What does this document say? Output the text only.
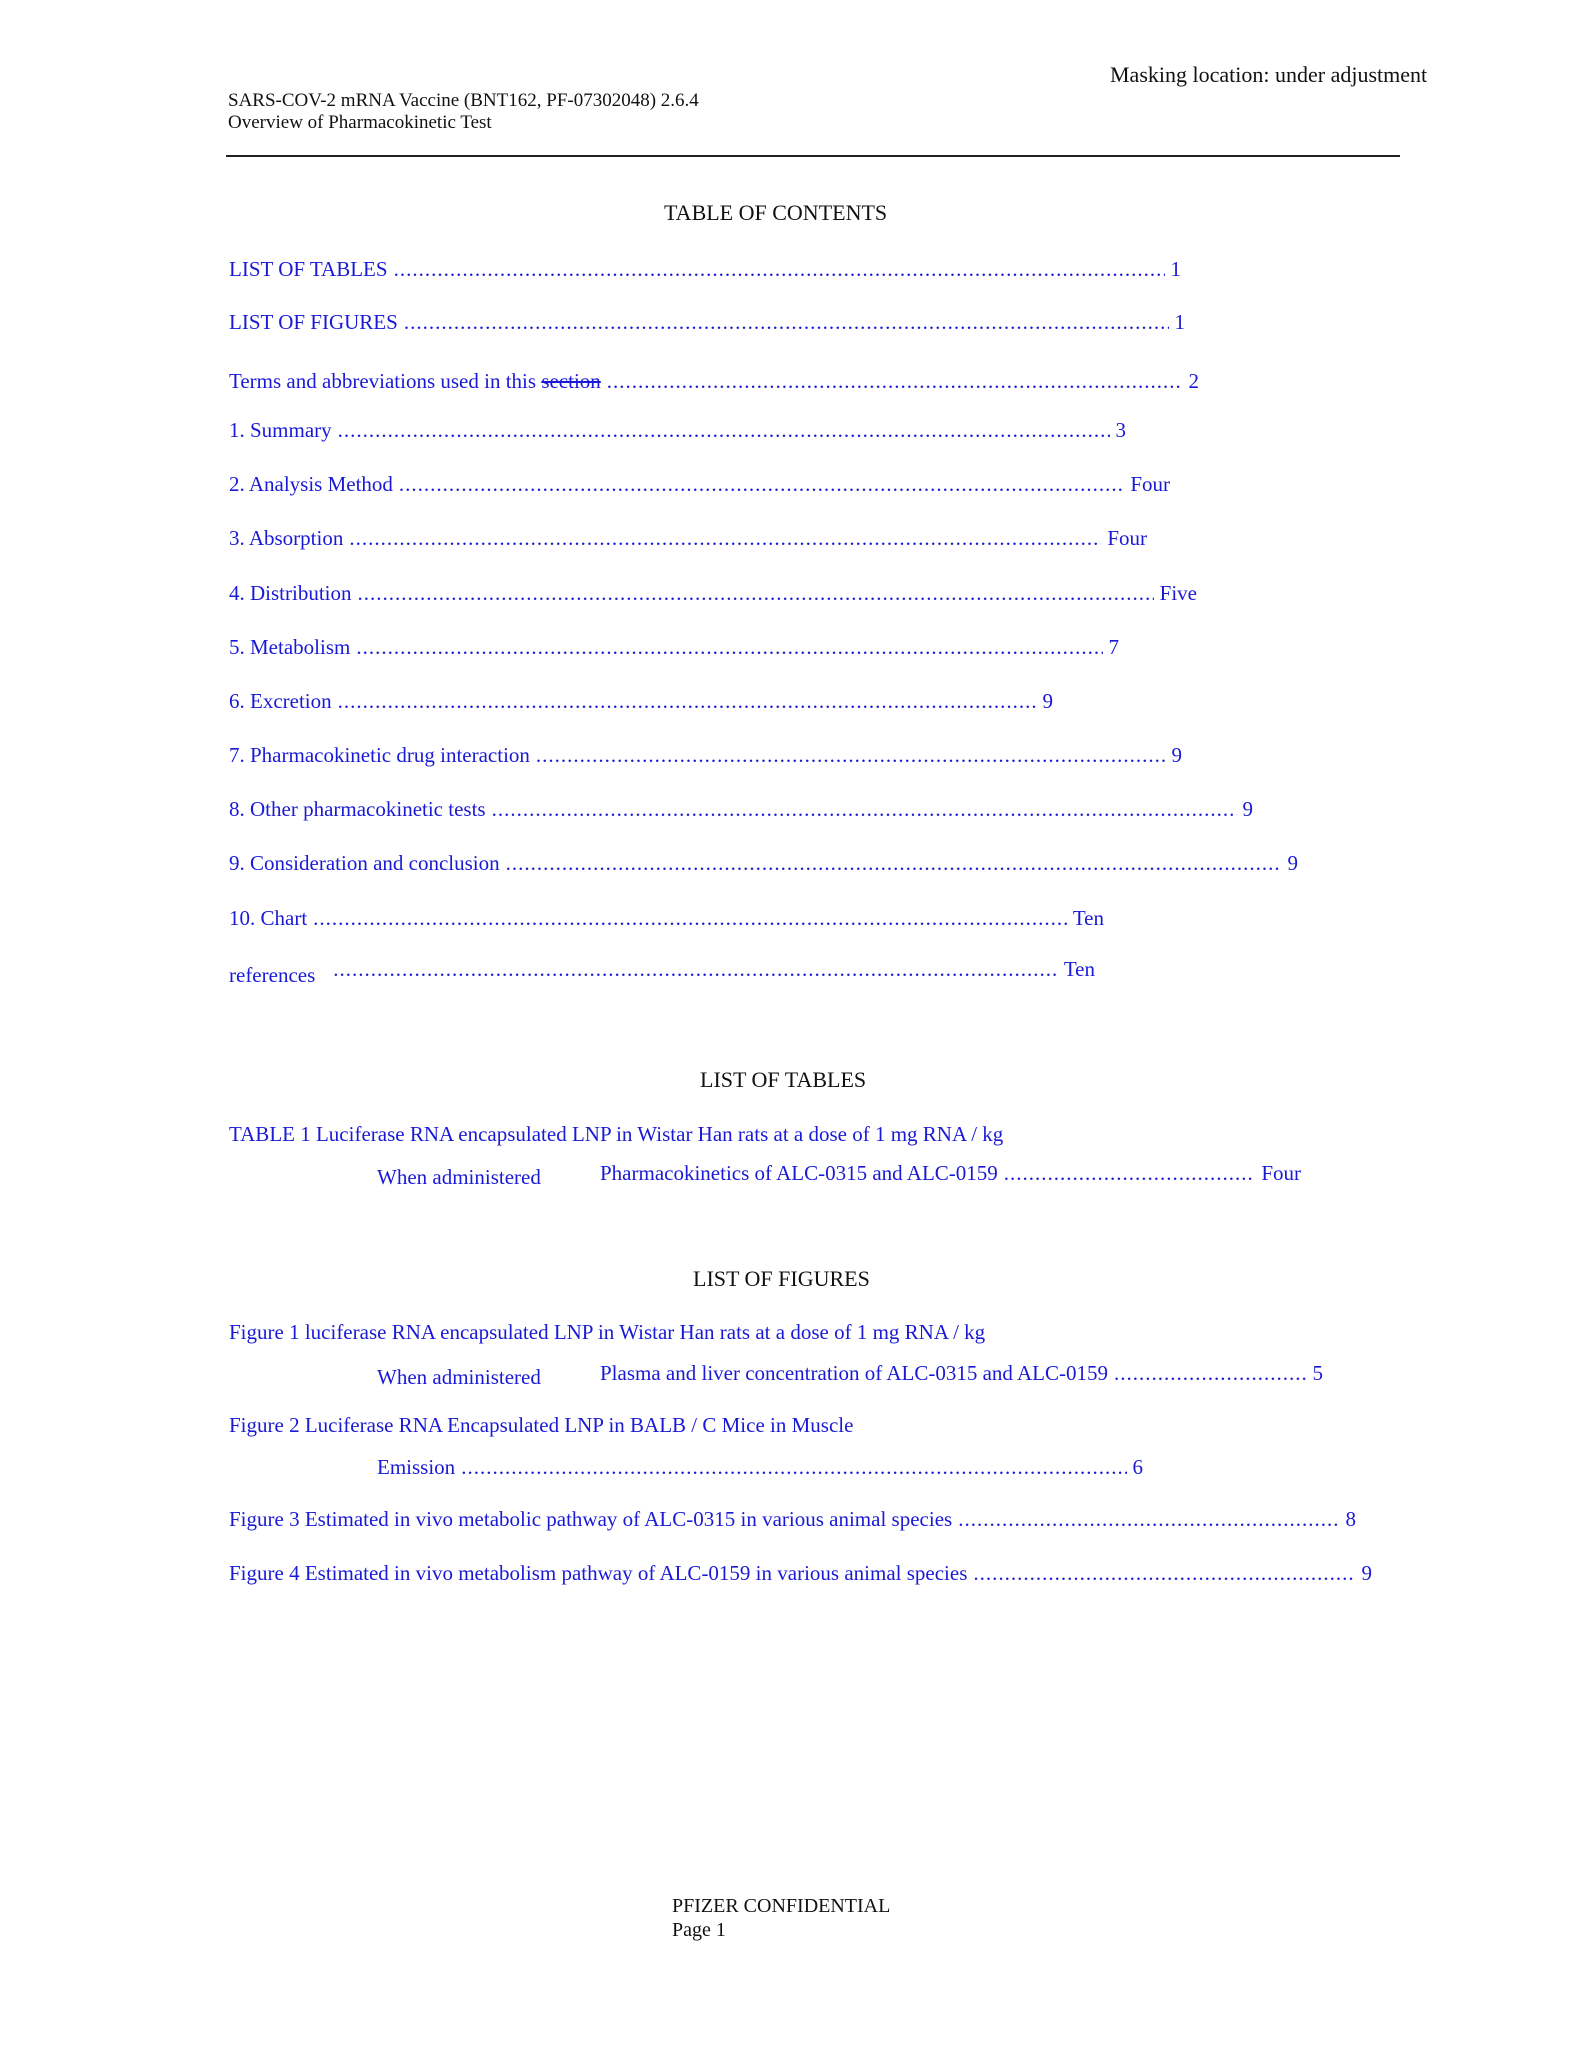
Masking location: under adjustment
SARS-COV-2 mRNA Vaccine (BNT162, PF-07302048) 2.6.4
Overview of Pharmacokinetic Test
TABLE OF CONTENTS
LIST OF TABLES .....	1
LIST OF FIGURES .....	1
Terms and abbreviations used in this section .....	2
1. Summary .....	3
2. Analysis Method .....	Four
3. Absorption .....	Four
4. Distribution .....	Five
5. Metabolism .....	7
6. Excretion .....	9
7. Pharmacokinetic drug interaction .....	9
8. Other pharmacokinetic tests .....	9
9. Consideration and conclusion .....	9
10. Chart .....	Ten
references .....	Ten
LIST OF TABLES
TABLE 1 Luciferase RNA encapsulated LNP in Wistar Han rats at a dose of 1 mg RNA / kg
When administered	Pharmacokinetics of ALC-0315 and ALC-0159 .....	Four
LIST OF FIGURES
Figure 1 luciferase RNA encapsulated LNP in Wistar Han rats at a dose of 1 mg RNA / kg
When administered	Plasma and liver concentration of ALC-0315 and ALC-0159 .....	5
Figure 2 Luciferase RNA Encapsulated LNP in BALB / C Mice in Muscle
Emission .....	6
Figure 3 Estimated in vivo metabolic pathway of ALC-0315 in various animal species .....	8
Figure 4 Estimated in vivo metabolism pathway of ALC-0159 in various animal species .....	9
PFIZER CONFIDENTIAL
Page 1
